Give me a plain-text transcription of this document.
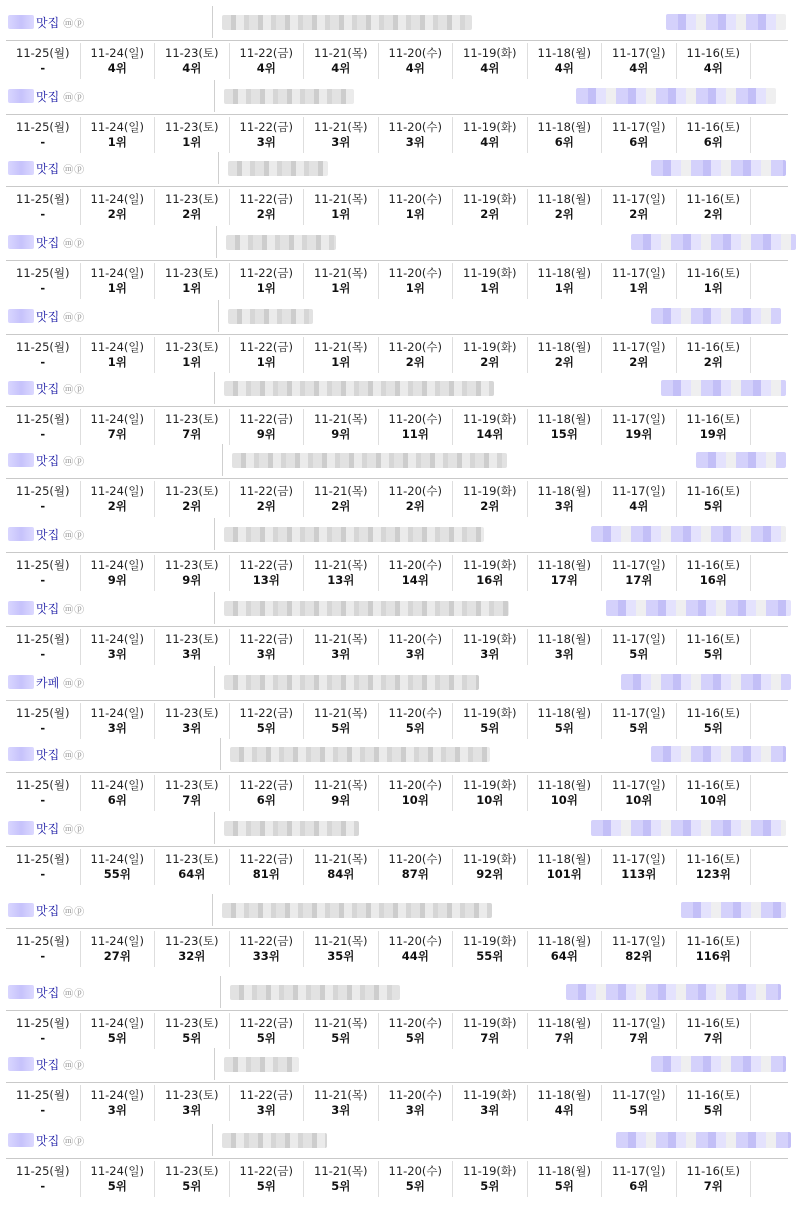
맛집 ⓜⓟ
11-25(월)
-
11-24(일)
4위
11-23(토)
4위
11-22(금)
4위
11-21(목)
4위
11-20(수)
4위
11-19(화)
4위
11-18(월)
4위
11-17(일)
4위
11-16(토)
4위
맛집 ⓜⓟ
11-25(월)
-
11-24(일)
1위
11-23(토)
1위
11-22(금)
3위
11-21(목)
3위
11-20(수)
3위
11-19(화)
4위
11-18(월)
6위
11-17(일)
6위
11-16(토)
6위
맛집 ⓜⓟ
11-25(월)
-
11-24(일)
2위
11-23(토)
2위
11-22(금)
2위
11-21(목)
1위
11-20(수)
1위
11-19(화)
2위
11-18(월)
2위
11-17(일)
2위
11-16(토)
2위
맛집 ⓜⓟ
11-25(월)
-
11-24(일)
1위
11-23(토)
1위
11-22(금)
1위
11-21(목)
1위
11-20(수)
1위
11-19(화)
1위
11-18(월)
1위
11-17(일)
1위
11-16(토)
1위
맛집 ⓜⓟ
11-25(월)
-
11-24(일)
1위
11-23(토)
1위
11-22(금)
1위
11-21(목)
1위
11-20(수)
2위
11-19(화)
2위
11-18(월)
2위
11-17(일)
2위
11-16(토)
2위
맛집 ⓜⓟ
11-25(월)
-
11-24(일)
7위
11-23(토)
7위
11-22(금)
9위
11-21(목)
9위
11-20(수)
11위
11-19(화)
14위
11-18(월)
15위
11-17(일)
19위
11-16(토)
19위
맛집 ⓜⓟ
11-25(월)
-
11-24(일)
2위
11-23(토)
2위
11-22(금)
2위
11-21(목)
2위
11-20(수)
2위
11-19(화)
2위
11-18(월)
3위
11-17(일)
4위
11-16(토)
5위
맛집 ⓜⓟ
11-25(월)
-
11-24(일)
9위
11-23(토)
9위
11-22(금)
13위
11-21(목)
13위
11-20(수)
14위
11-19(화)
16위
11-18(월)
17위
11-17(일)
17위
11-16(토)
16위
맛집 ⓜⓟ
11-25(월)
-
11-24(일)
3위
11-23(토)
3위
11-22(금)
3위
11-21(목)
3위
11-20(수)
3위
11-19(화)
3위
11-18(월)
3위
11-17(일)
5위
11-16(토)
5위
카페 ⓜⓟ
11-25(월)
-
11-24(일)
3위
11-23(토)
3위
11-22(금)
5위
11-21(목)
5위
11-20(수)
5위
11-19(화)
5위
11-18(월)
5위
11-17(일)
5위
11-16(토)
5위
맛집 ⓜⓟ
11-25(월)
-
11-24(일)
6위
11-23(토)
7위
11-22(금)
6위
11-21(목)
9위
11-20(수)
10위
11-19(화)
10위
11-18(월)
10위
11-17(일)
10위
11-16(토)
10위
맛집 ⓜⓟ
11-25(월)
-
11-24(일)
55위
11-23(토)
64위
11-22(금)
81위
11-21(목)
84위
11-20(수)
87위
11-19(화)
92위
11-18(월)
101위
11-17(일)
113위
11-16(토)
123위
맛집 ⓜⓟ
11-25(월)
-
11-24(일)
27위
11-23(토)
32위
11-22(금)
33위
11-21(목)
35위
11-20(수)
44위
11-19(화)
55위
11-18(월)
64위
11-17(일)
82위
11-16(토)
116위
맛집 ⓜⓟ
11-25(월)
-
11-24(일)
5위
11-23(토)
5위
11-22(금)
5위
11-21(목)
5위
11-20(수)
5위
11-19(화)
7위
11-18(월)
7위
11-17(일)
7위
11-16(토)
7위
맛집 ⓜⓟ
11-25(월)
-
11-24(일)
3위
11-23(토)
3위
11-22(금)
3위
11-21(목)
3위
11-20(수)
3위
11-19(화)
3위
11-18(월)
4위
11-17(일)
5위
11-16(토)
5위
맛집 ⓜⓟ
11-25(월)
-
11-24(일)
5위
11-23(토)
5위
11-22(금)
5위
11-21(목)
5위
11-20(수)
5위
11-19(화)
5위
11-18(월)
5위
11-17(일)
6위
11-16(토)
7위
